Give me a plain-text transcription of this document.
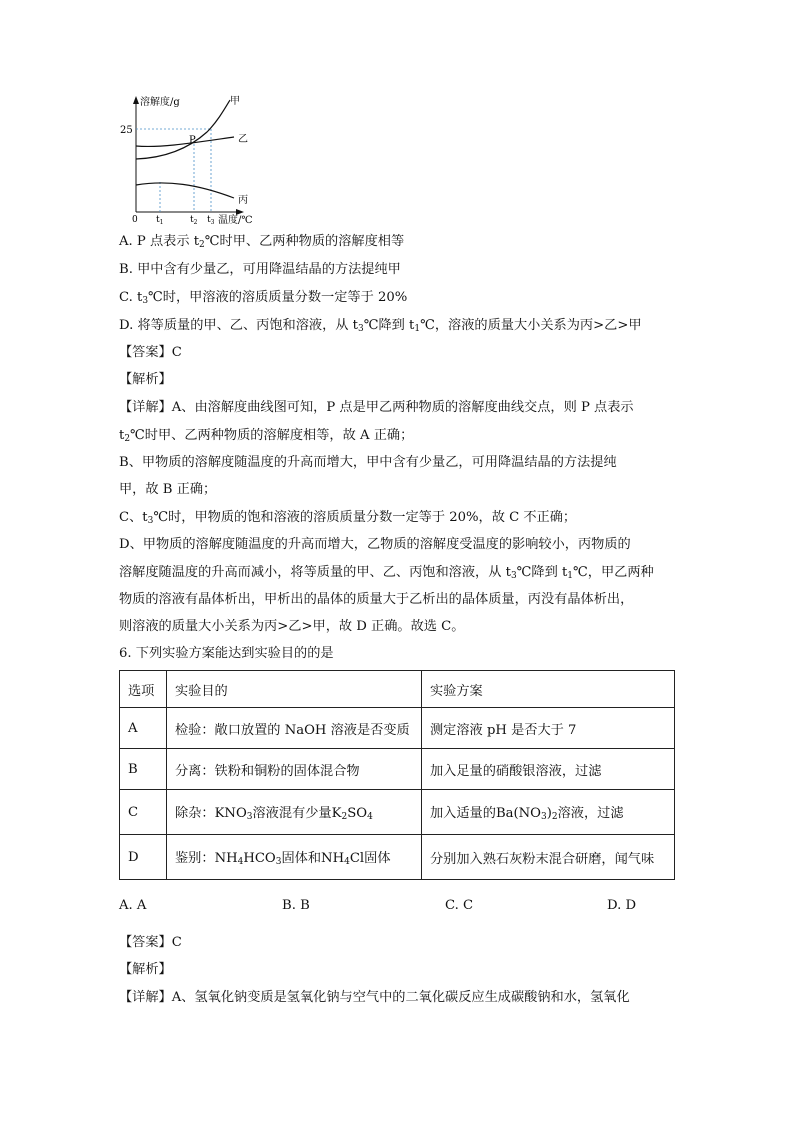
溶解度/g
25
0
P
甲
乙
丙
$t_1$	$t_2$ $t_3$ 温度/℃
A. P 点表示 $t_2℃$时甲、乙两种物质的溶解度相等
B. 甲中含有少量乙，可用降温结晶的方法提纯甲
C. $t_3℃$时，甲溶液的溶质质量分数一定等于 20%
D. 将等质量的甲、乙、丙饱和溶液，从 $t_3℃$降到 $t_1℃$，溶液的质量大小关系为丙>乙>甲
【答案】C
【解析】
【详解】A、由溶解度曲线图可知，P 点是甲乙两种物质的溶解度曲线交点，则 P 点表示
$t_2℃$时甲、乙两种物质的溶解度相等，故 A 正确；
B、甲物质的溶解度随温度的升高而增大，甲中含有少量乙，可用降温结晶的方法提纯
甲，故 B 正确；
C、$t_3℃$时，甲物质的饱和溶液的溶质质量分数一定等于 20%，故 C 不正确；
D、甲物质的溶解度随温度的升高而增大，乙物质的溶解度受温度的影响较小，丙物质的
溶解度随温度的升高而减小，将等质量的甲、乙、丙饱和溶液，从 $t_3℃$降到 $t_1℃$，甲乙两种
物质的溶液有晶体析出，甲析出的晶体的质量大于乙析出的晶体质量，丙没有晶体析出，
则溶液的质量大小关系为丙>乙>甲，故 D 正确。故选 C。
6. 下列实验方案能达到实验目的的是
选项	实验目的	实验方案
A	检验：敞口放置的 NaOH 溶液是否变质	测定溶液 pH 是否大于 7
B	分离：铁粉和铜粉的固体混合物	加入足量的硝酸银溶液，过滤
C	除杂：$KNO_3$溶液混有少量$K_2SO_4$	加入适量的$Ba(NO_3)_2$溶液，过滤
D	鉴别：$NH_4HCO_3$固体和$NH_4Cl$固体	分别加入熟石灰粉末混合研磨，闻气味
A. A	B. B	C. C	D. D
【答案】C
【解析】
【详解】A、氢氧化钠变质是氢氧化钠与空气中的二氧化碳反应生成碳酸钠和水，氢氧化
